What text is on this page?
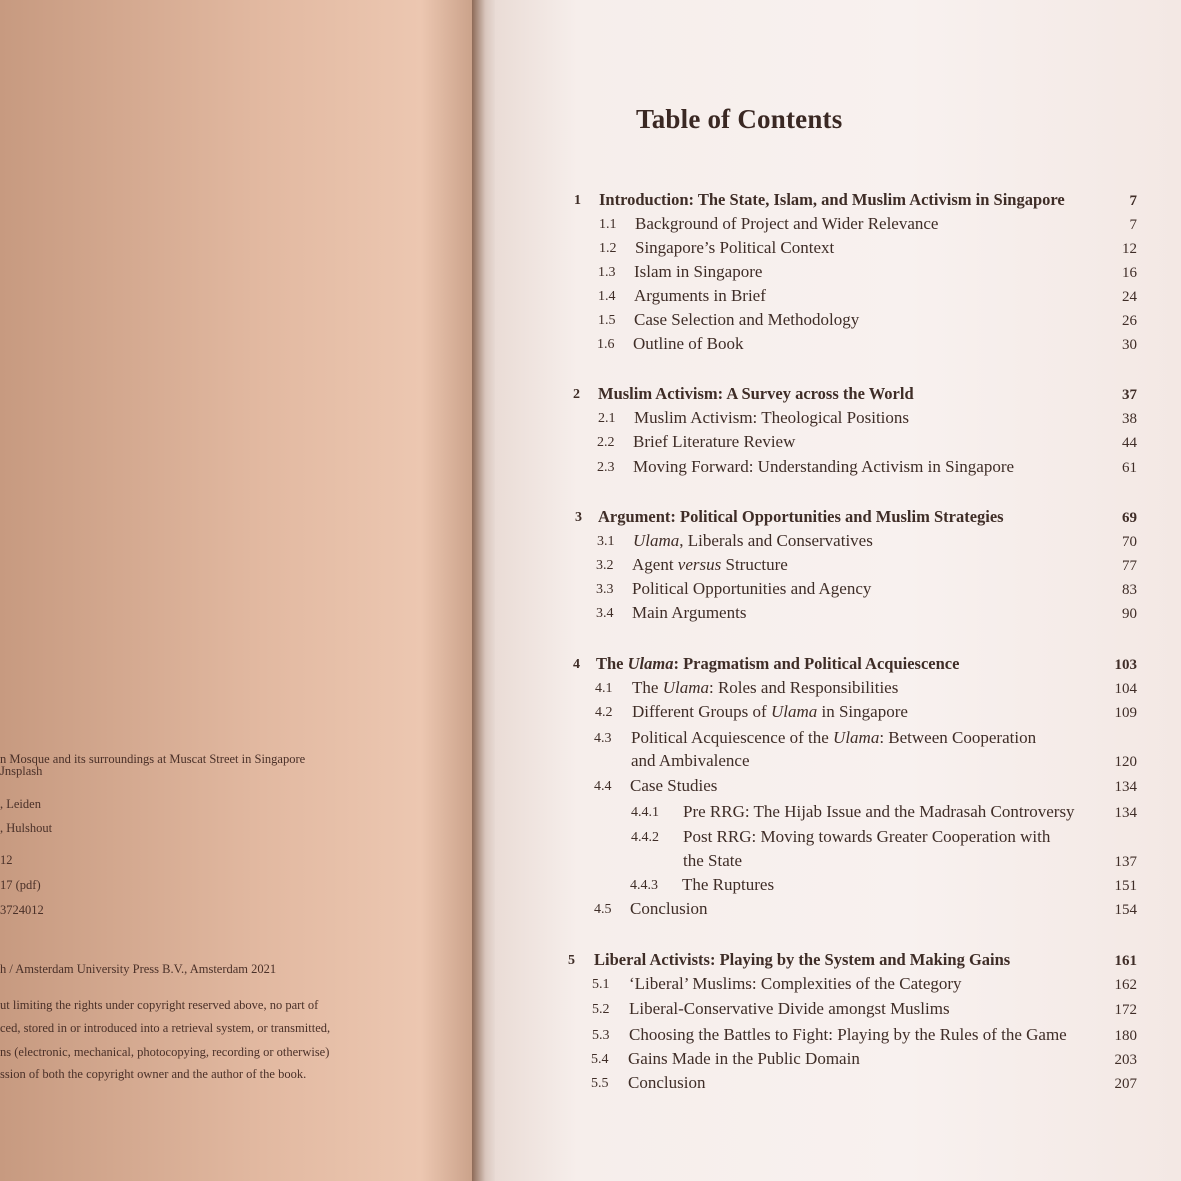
n Mosque and its surroundings at Muscat Street in Singapore
Jnsplash
, Leiden
, Hulshout
12
17 (pdf)
3724012
h / Amsterdam University Press B.V., Amsterdam 2021
ut limiting the rights under copyright reserved above, no part of
ced, stored in or introduced into a retrieval system, or transmitted,
ns (electronic, mechanical, photocopying, recording or otherwise)
ssion of both the copyright owner and the author of the book.
Table of Contents
1 Introduction: The State, Islam, and Muslim Activism in Singapore	7
1.1 Background of Project and Wider Relevance	7
1.2 Singapore’s Political Context	12
1.3 Islam in Singapore	16
1.4 Arguments in Brief	24
1.5 Case Selection and Methodology	26
1.6 Outline of Book	30
2 Muslim Activism: A Survey across the World	37
2.1 Muslim Activism: Theological Positions	38
2.2 Brief Literature Review	44
2.3 Moving Forward: Understanding Activism in Singapore	61
3 Argument: Political Opportunities and Muslim Strategies	69
3.1 Ulama, Liberals and Conservatives	70
3.2 Agent versus Structure	77
3.3 Political Opportunities and Agency	83
3.4 Main Arguments	90
4 The Ulama: Pragmatism and Political Acquiescence	103
4.1 The Ulama: Roles and Responsibilities	104
4.2 Different Groups of Ulama in Singapore	109
4.3 Political Acquiescence of the Ulama: Between Cooperation
and Ambivalence	120
4.4 Case Studies	134
4.4.1 Pre RRG: The Hijab Issue and the Madrasah Controversy	134
4.4.2 Post RRG: Moving towards Greater Cooperation with
the State	137
4.4.3 The Ruptures	151
4.5 Conclusion	154
5 Liberal Activists: Playing by the System and Making Gains	161
5.1 ‘Liberal’ Muslims: Complexities of the Category	162
5.2 Liberal-Conservative Divide amongst Muslims	172
5.3 Choosing the Battles to Fight: Playing by the Rules of the Game	180
5.4 Gains Made in the Public Domain	203
5.5 Conclusion	207
